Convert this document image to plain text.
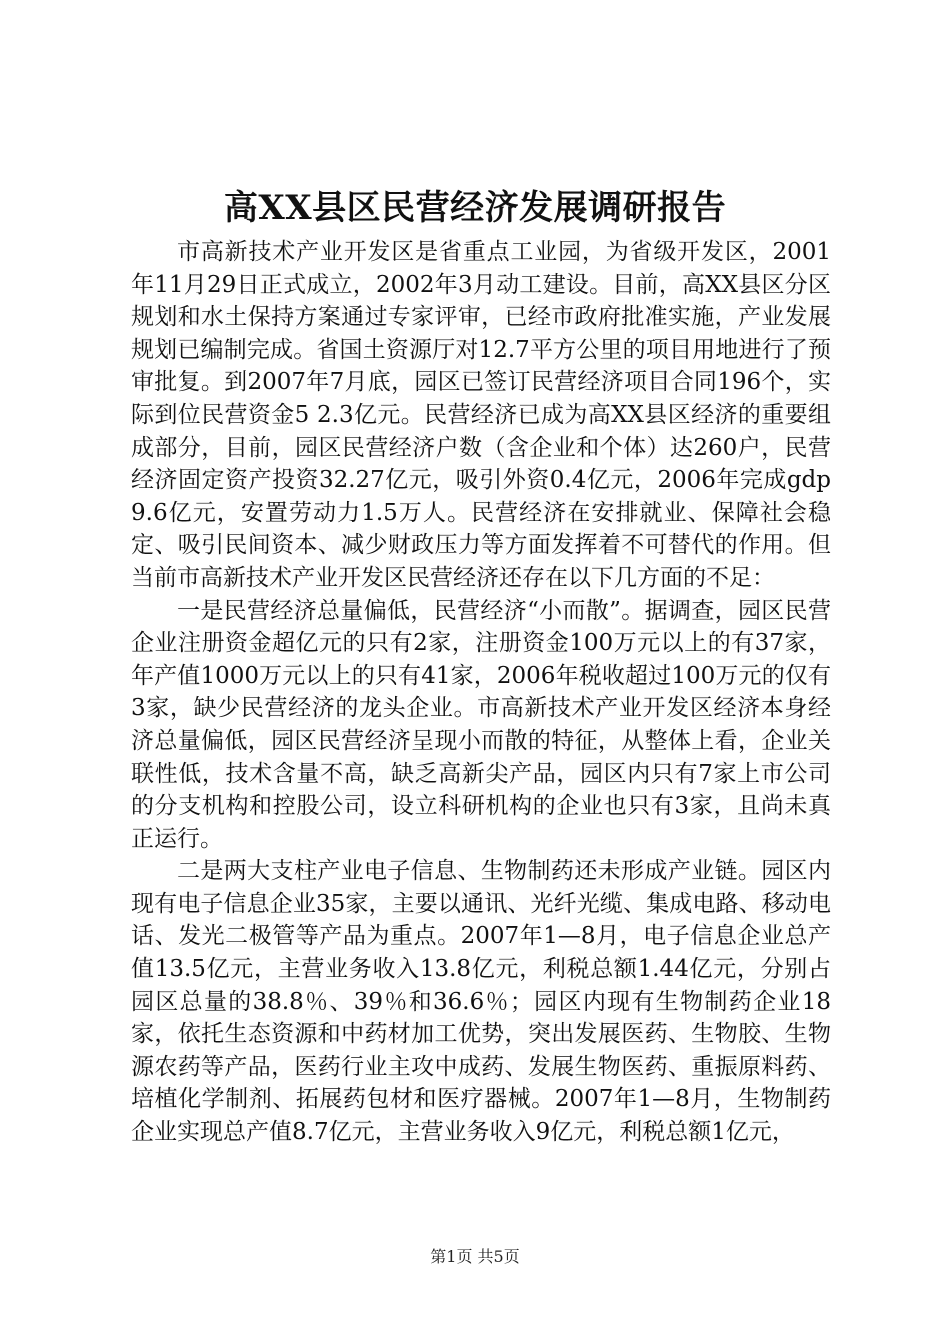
高XX县区民营经济发展调研报告

市高新技术产业开发区是省重点工业园，为省级开发区，2001年11月29日正式成立，2002年3月动工建设。目前，高XX县区分区规划和水土保持方案通过专家评审，已经市政府批准实施，产业发展规划已编制完成。省国土资源厅对12.7平方公里的项目用地进行了预审批复。到2007年7月底，园区已签订民营经济项目合同196个，实际到位民营资金5 2.3亿元。民营经济已成为高XX县区经济的重要组成部分，目前，园区民营经济户数（含企业和个体）达260户，民营经济固定资产投资32.27亿元，吸引外资0.4亿元，2006年完成gdp9.6亿元，安置劳动力1.5万人。民营经济在安排就业、保障社会稳定、吸引民间资本、减少财政压力等方面发挥着不可替代的作用。但当前市高新技术产业开发区民营经济还存在以下几方面的不足：

一是民营经济总量偏低，民营经济“小而散”。据调查，园区民营企业注册资金超亿元的只有2家，注册资金100万元以上的有37家，年产值1000万元以上的只有41家，2006年税收超过100万元的仅有3家，缺少民营经济的龙头企业。市高新技术产业开发区经济本身经济总量偏低，园区民营经济呈现小而散的特征，从整体上看，企业关联性低，技术含量不高，缺乏高新尖产品，园区内只有7家上市公司的分支机构和控股公司，设立科研机构的企业也只有3家，且尚未真正运行。

二是两大支柱产业电子信息、生物制药还未形成产业链。园区内现有电子信息企业35家，主要以通讯、光纤光缆、集成电路、移动电话、发光二极管等产品为重点。2007年1—8月，电子信息企业总产值13.5亿元，主营业务收入13.8亿元，利税总额1.44亿元，分别占园区总量的38.8％、39％和36.6％；园区内现有生物制药企业18家，依托生态资源和中药材加工优势，突出发展医药、生物胶、生物源农药等产品，医药行业主攻中成药、发展生物医药、重振原料药、培植化学制剂、拓展药包材和医疗器械。2007年1—8月，生物制药企业实现总产值8.7亿元，主营业务收入9亿元，利税总额1亿元，

第1页 共5页
